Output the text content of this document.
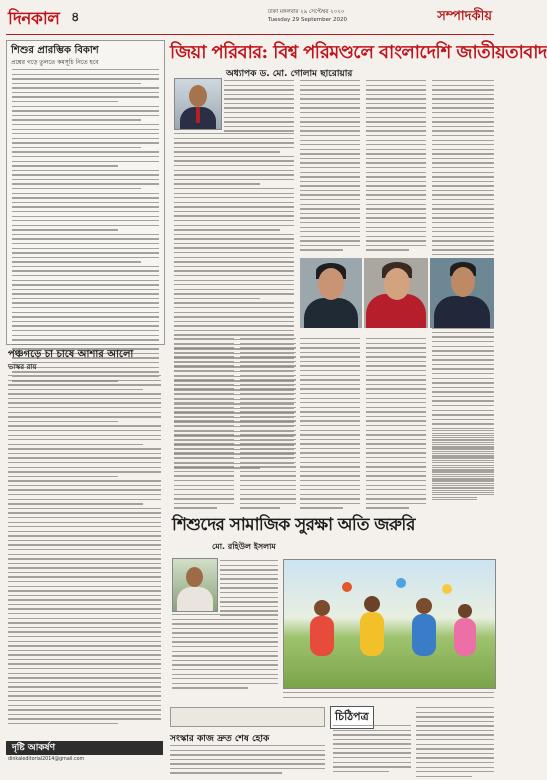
দিনকাল ৪	ঢাকা মঙ্গলবার ২৯ সেপ্টেম্বর ২০২০
Tuesday 29 September 2020	সম্পাদকীয়
শিশুর প্রারম্ভিক বিকাশ
প্রশ্নের গড়ে তুলতে কমসূচি নিতে হবে
পঞ্চগড়ে চা চাষে আশার আলো
ভাস্কর রায়
দৃষ্টি আকর্ষণ
dinkaleditorial2014@gmail.com
জিয়া পরিবার: বিশ্ব পরিমণ্ডলে বাংলাদেশি জাতীয়তাবাদ
অধ্যাপক ড. মো. গোলাম ছারোয়ার
শিশুদের সামাজিক সুরক্ষা অতি জরুরি
মো. রহিউল ইসলাম
সংস্কার কাজ দ্রুত শেষ হোক
চিঠিপত্র
